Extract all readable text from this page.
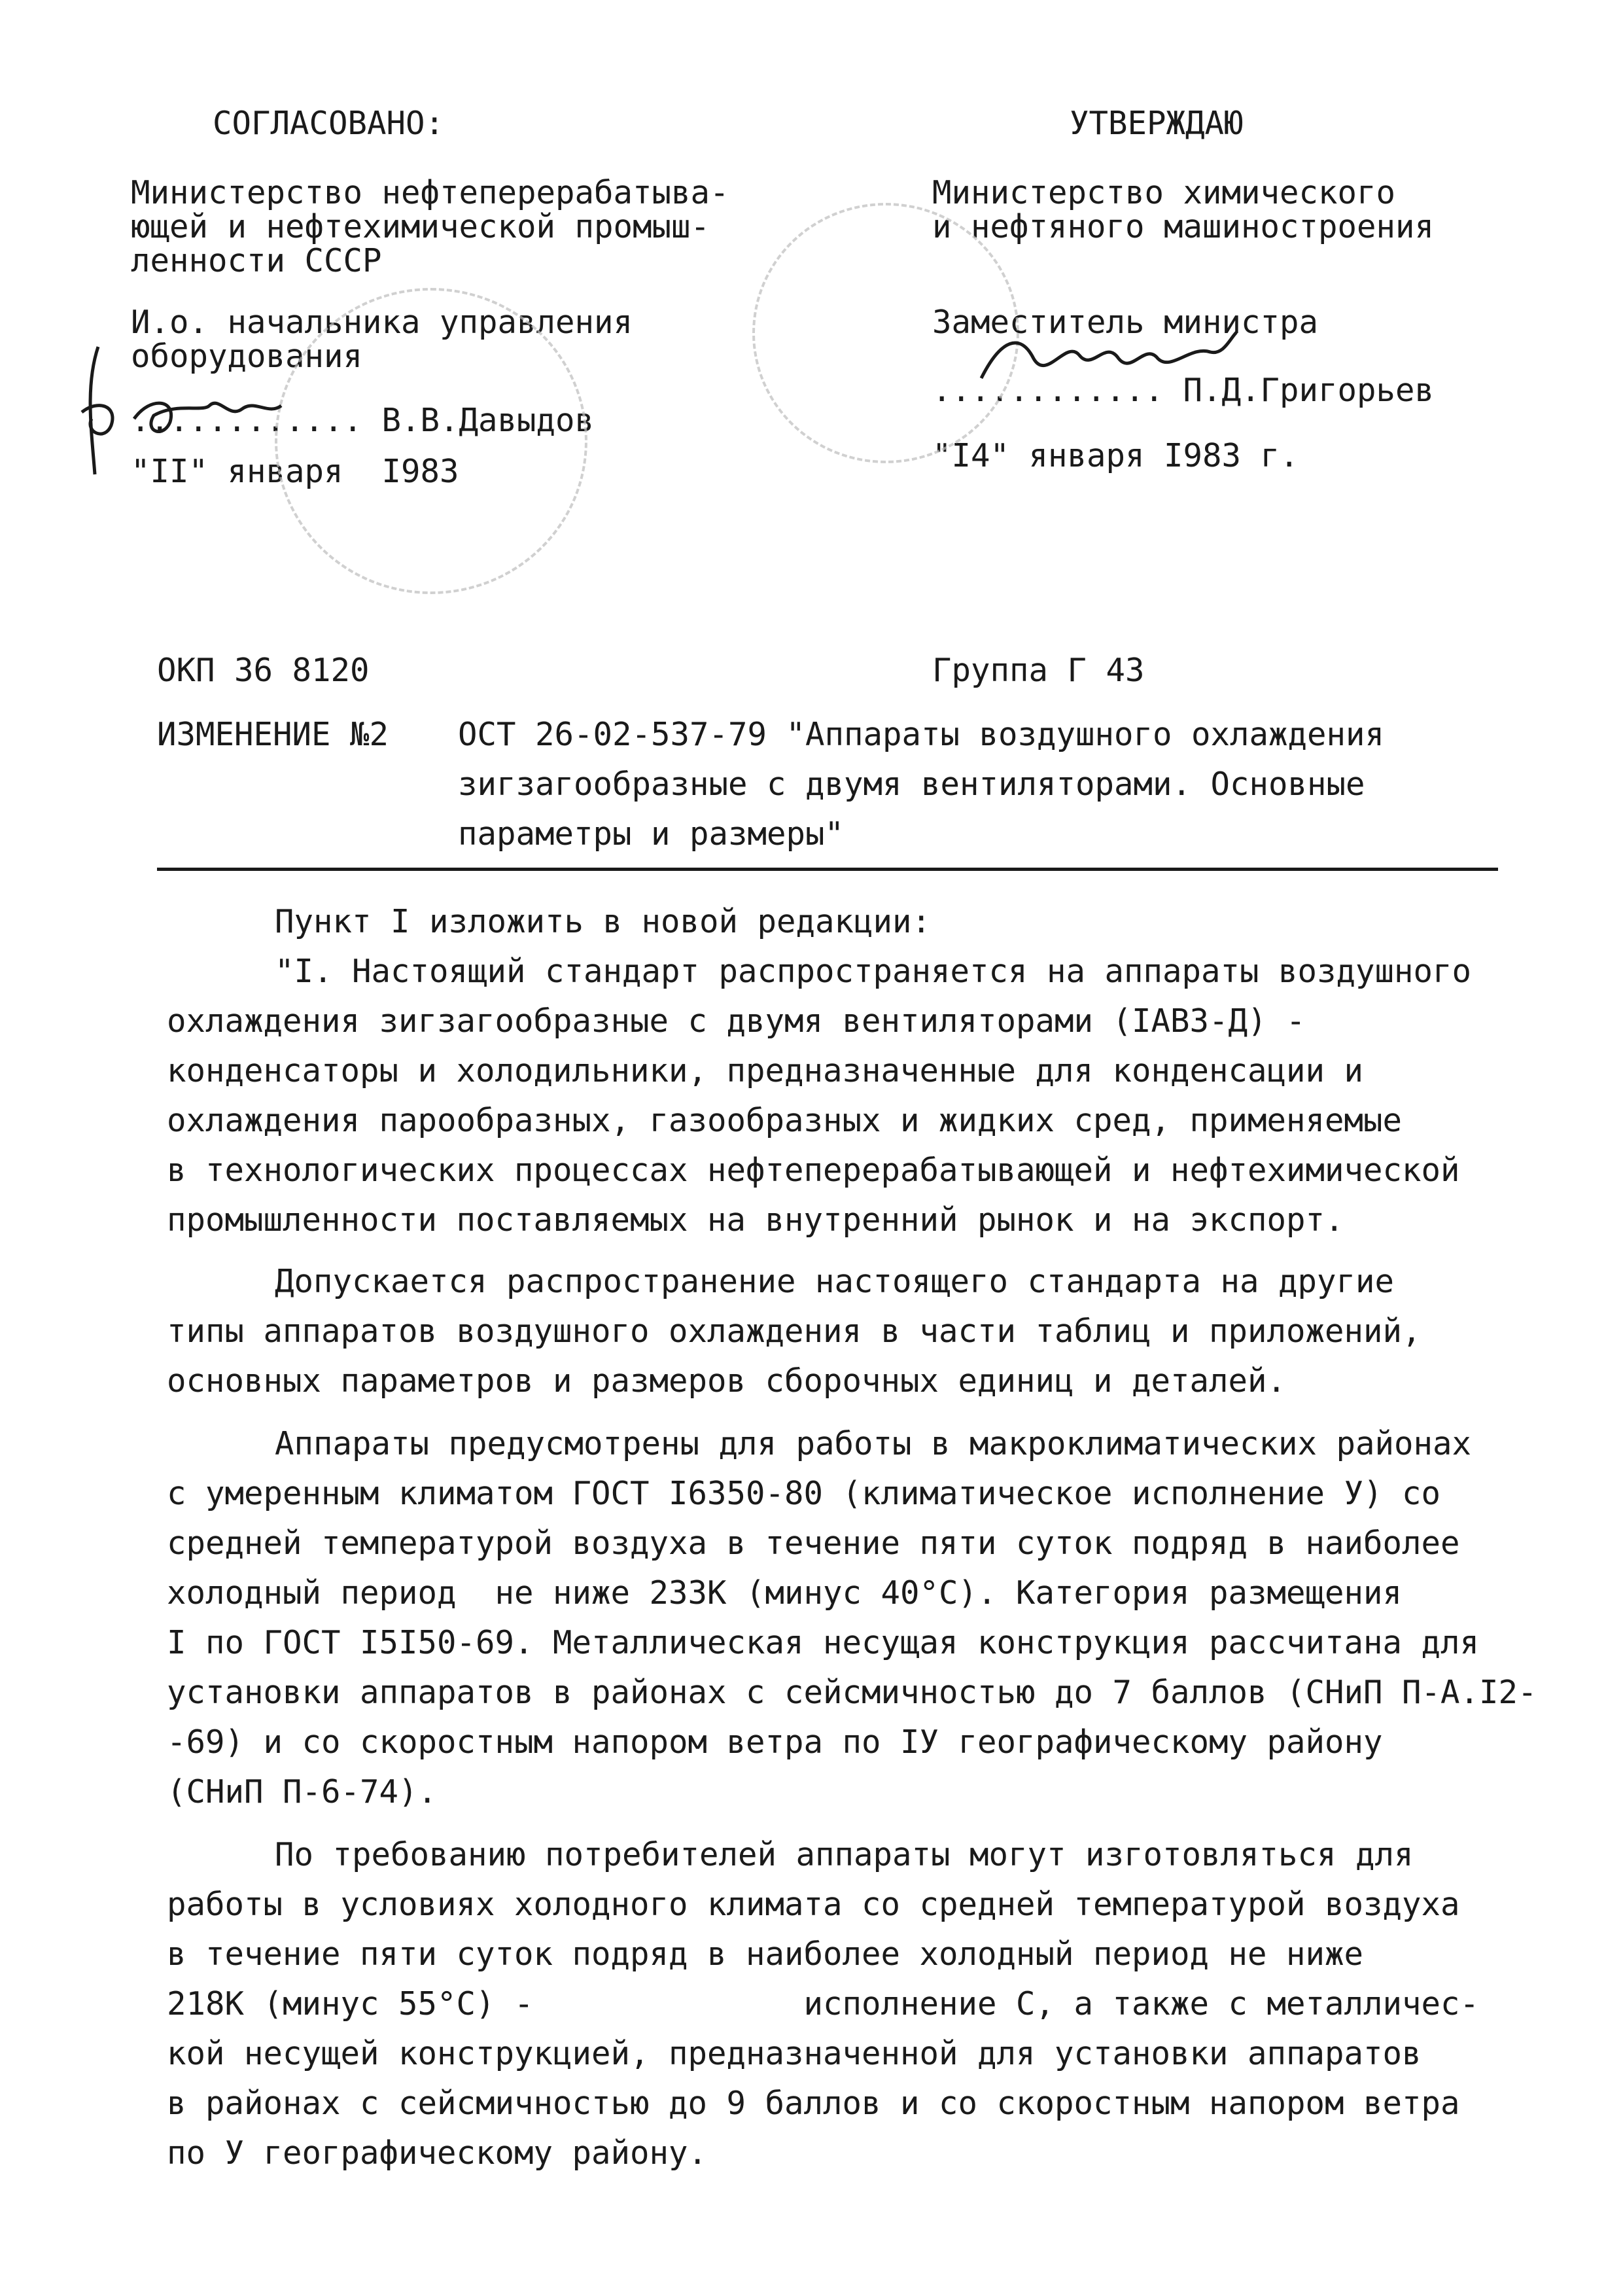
СОГЛАСОВАНО:
Министерство нефтеперерабатыва-
ющей и нефтехимической промыш-
ленности СССР
И.о. начальника управления
оборудования
............ В.В.Давыдов
"II" января  I983
УТВЕРЖДАЮ
Министерство химического
и нефтяного машиностроения
Заместитель министра
............ П.Д.Григорьев
"I4" января I983 г.
ОКП 36 8120	Группа Г 43
ИЗМЕНЕНИЕ №2 ОСТ 26-02-537-79 "Аппараты воздушного охлаждения
зигзагообразные с двумя вентиляторами. Основные
параметры и размеры"
Пункт I изложить в новой редакции:
"I. Настоящий стандарт распространяется на аппараты воздушного
охлаждения зигзагообразные с двумя вентиляторами (IАВЗ-Д) -
конденсаторы и холодильники, предназначенные для конденсации и
охлаждения парообразных, газообразных и жидких сред, применяемые
в технологических процессах нефтеперерабатывающей и нефтехимической
промышленности поставляемых на внутренний рынок и на экспорт.
Допускается распространение настоящего стандарта на другие
типы аппаратов воздушного охлаждения в части таблиц и приложений,
основных параметров и размеров сборочных единиц и деталей.
Аппараты предусмотрены для работы в макроклиматических районах
с умеренным климатом ГОСТ I6350-80 (климатическое исполнение У) со
средней температурой воздуха в течение пяти суток подряд в наиболее
холодный период  не ниже 233К (минус 40°С). Категория размещения
I по ГОСТ I5I50-69. Металлическая несущая конструкция рассчитана для
установки аппаратов в районах с сейсмичностью до 7 баллов (СНиП П-А.I2-
-69) и со скоростным напором ветра по IУ географическому району
(СНиП П-6-74).
По требованию потребителей аппараты могут изготовляться для
работы в условиях холодного климата со средней температурой воздуха
в течение пяти суток подряд в наиболее холодный период не ниже
218К (минус 55°С) -              исполнение С, а также с металличес-
кой несущей конструкцией, предназначенной для установки аппаратов
в районах с сейсмичностью до 9 баллов и со скоростным напором ветра
по У географическому району.
